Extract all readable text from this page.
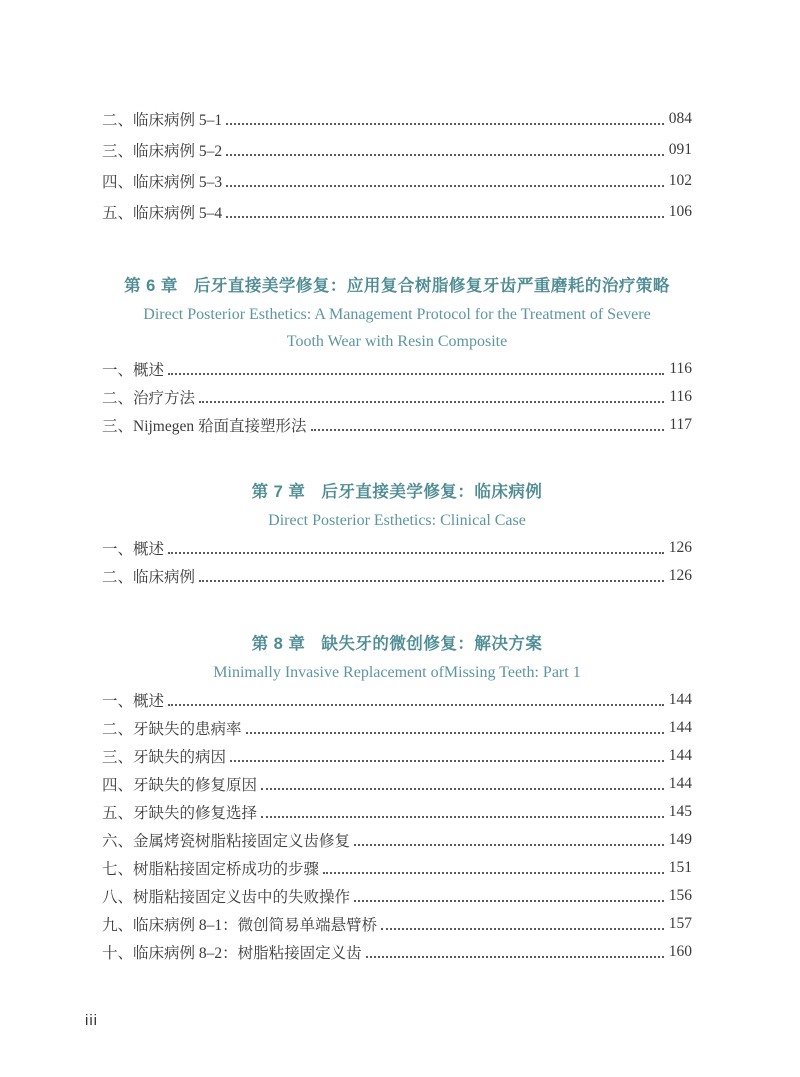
二、临床病例 5–1	084
三、临床病例 5–2	091
四、临床病例 5–3	102
五、临床病例 5–4	106
第 6 章 后牙直接美学修复：应用复合树脂修复牙齿严重磨耗的治疗策略
Direct Posterior Esthetics: A Management Protocol for the Treatment of Severe
Tooth Wear with Resin Composite
一、概述	116
二、治疗方法	116
三、Nijmegen 𬌗面直接塑形法	117
第 7 章 后牙直接美学修复：临床病例
Direct Posterior Esthetics: Clinical Case
一、概述	126
二、临床病例	126
第 8 章 缺失牙的微创修复：解决方案
Minimally Invasive Replacement ofMissing Teeth: Part 1
一、概述	144
二、牙缺失的患病率	144
三、牙缺失的病因	144
四、牙缺失的修复原因	144
五、牙缺失的修复选择	145
六、金属烤瓷树脂粘接固定义齿修复	149
七、树脂粘接固定桥成功的步骤	151
八、树脂粘接固定义齿中的失败操作	156
九、临床病例 8–1：微创简易单端悬臂桥	157
十、临床病例 8–2：树脂粘接固定义齿	160
iii
